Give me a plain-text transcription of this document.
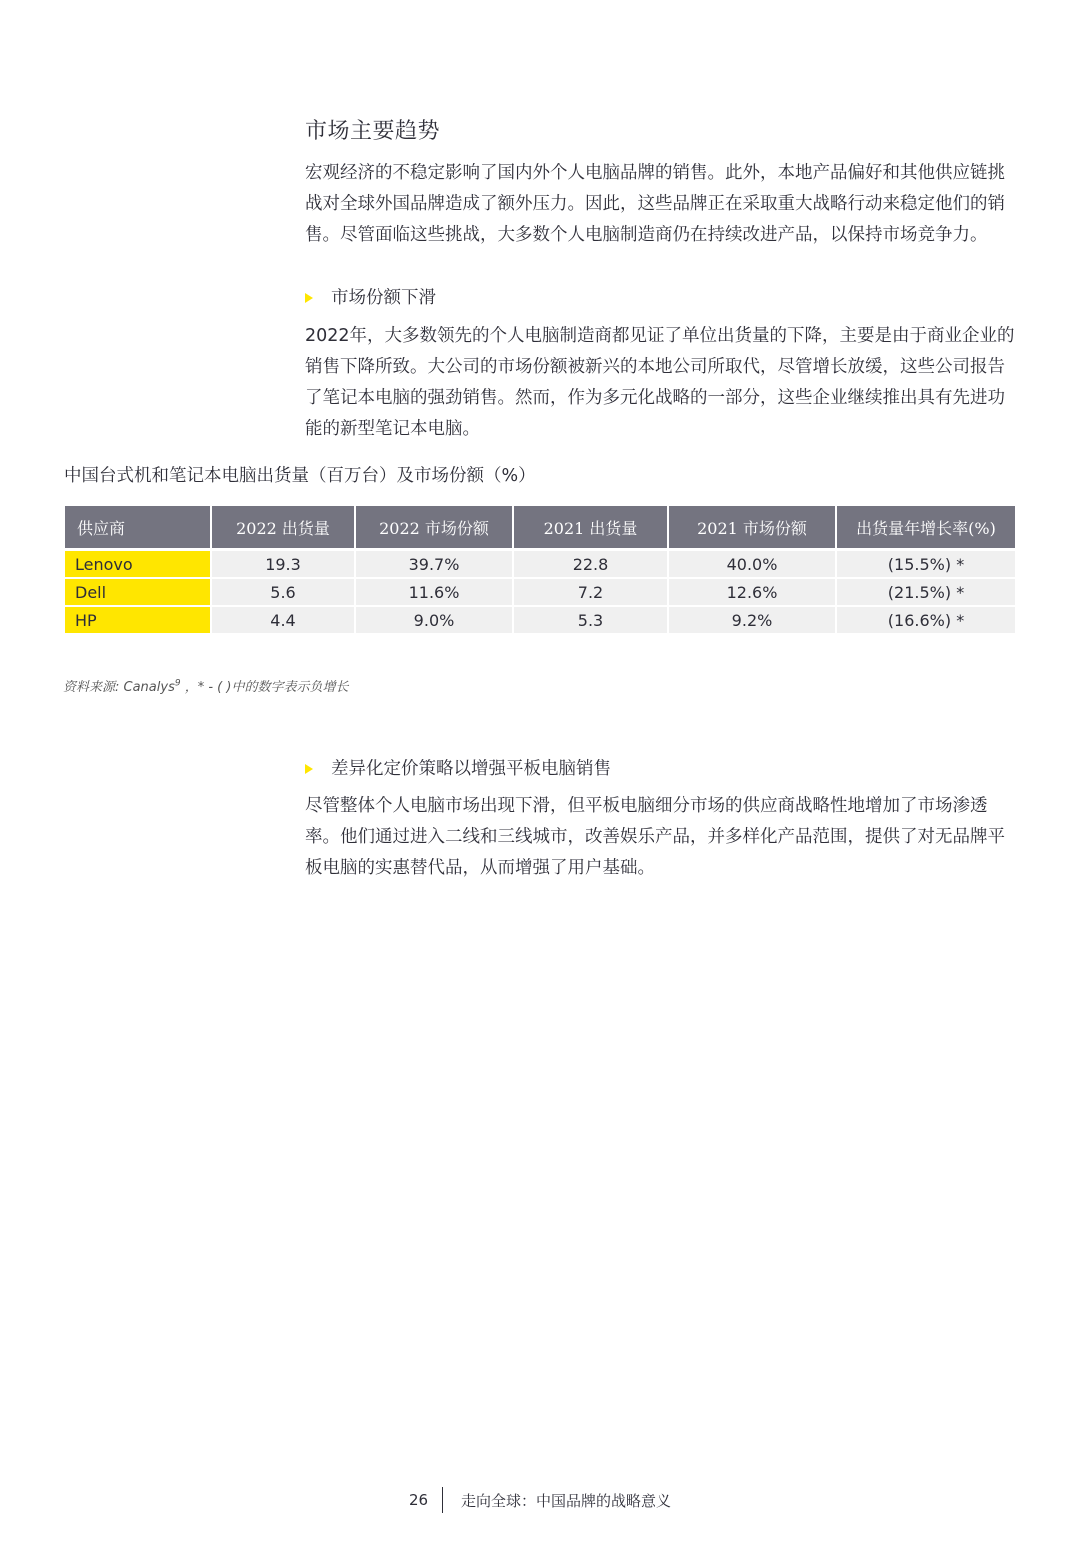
市场主要趋势
宏观经济的不稳定影响了国内外个人电脑品牌的销售。此外，本地产品偏好和其他供应链挑战对全球外国品牌造成了额外压力。因此，这些品牌正在采取重大战略行动来稳定他们的销售。尽管面临这些挑战，大多数个人电脑制造商仍在持续改进产品，以保持市场竞争力。
市场份额下滑
2022年，大多数领先的个人电脑制造商都见证了单位出货量的下降，主要是由于商业企业的销售下降所致。大公司的市场份额被新兴的本地公司所取代，尽管增长放缓，这些公司报告了笔记本电脑的强劲销售。然而，作为多元化战略的一部分，这些企业继续推出具有先进功能的新型笔记本电脑。
中国台式机和笔记本电脑出货量（百万台）及市场份额（%）
供应商	2022 出货量	2022 市场份额	2021 出货量	2021 市场份额	出货量年增长率(%)
Lenovo	19.3	39.7%	22.8	40.0%	(15.5%) *
Dell	5.6	11.6%	7.2	12.6%	(21.5%) *
HP	4.4	9.0%	5.3	9.2%	(16.6%) *
资料来源: Canalys$^9$ ，* - ( )中的数字表示负增长
差异化定价策略以增强平板电脑销售
尽管整体个人电脑市场出现下滑，但平板电脑细分市场的供应商战略性地增加了市场渗透率。他们通过进入二线和三线城市，改善娱乐产品，并多样化产品范围，提供了对无品牌平板电脑的实惠替代品，从而增强了用户基础。
26 走向全球：中国品牌的战略意义
